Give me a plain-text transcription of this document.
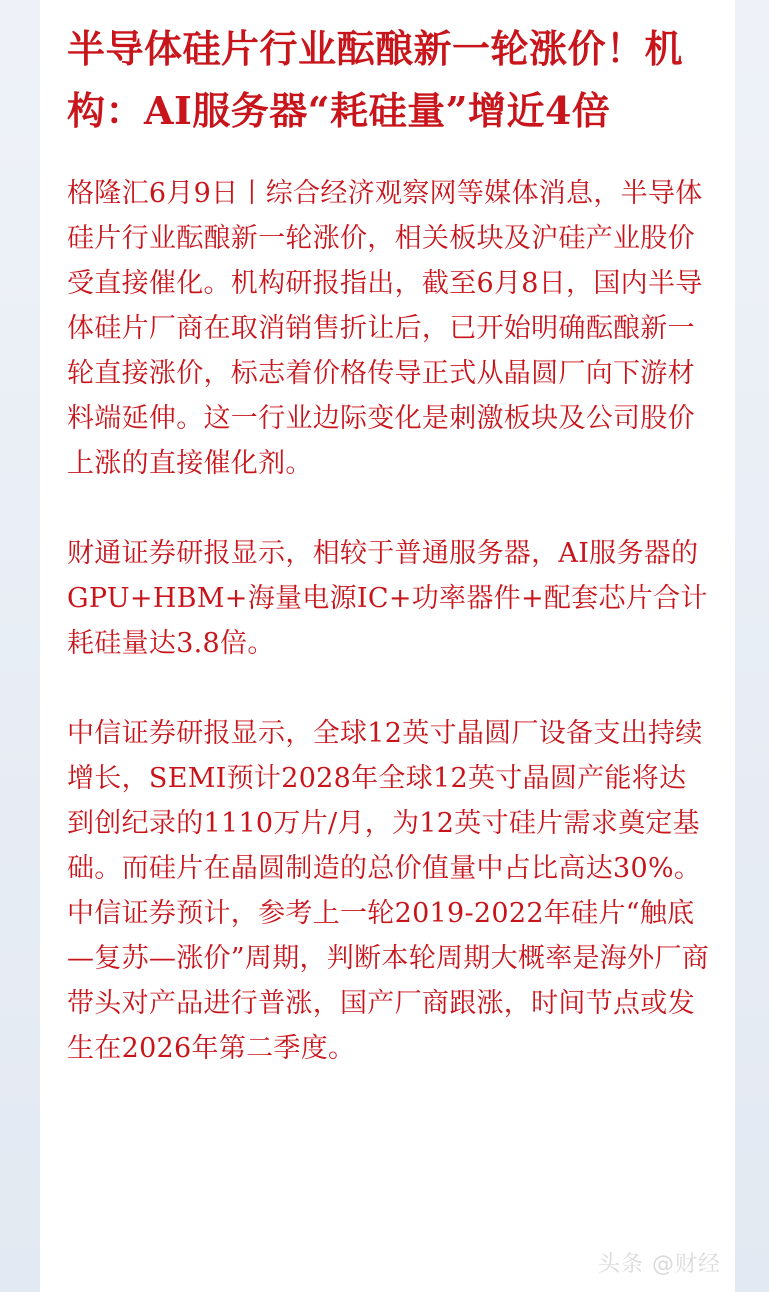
半导体硅片行业酝酿新一轮涨价！机构：AI服务器“耗硅量”增近4倍

格隆汇6月9日丨综合经济观察网等媒体消息，半导体硅片行业酝酿新一轮涨价，相关板块及沪硅产业股价受直接催化。机构研报指出，截至6月8日，国内半导体硅片厂商在取消销售折让后，已开始明确酝酿新一轮直接涨价，标志着价格传导正式从晶圆厂向下游材料端延伸。这一行业边际变化是刺激板块及公司股价上涨的直接催化剂。

财通证券研报显示，相较于普通服务器，AI服务器的GPU+HBM+海量电源IC+功率器件+配套芯片合计耗硅量达3.8倍。

中信证券研报显示，全球12英寸晶圆厂设备支出持续增长，SEMI预计2028年全球12英寸晶圆产能将达到创纪录的1110万片/月，为12英寸硅片需求奠定基础。而硅片在晶圆制造的总价值量中占比高达30%。中信证券预计，参考上一轮2019-2022年硅片“触底—复苏—涨价”周期，判断本轮周期大概率是海外厂商带头对产品进行普涨，国产厂商跟涨，时间节点或发生在2026年第二季度。

头条 @财经
